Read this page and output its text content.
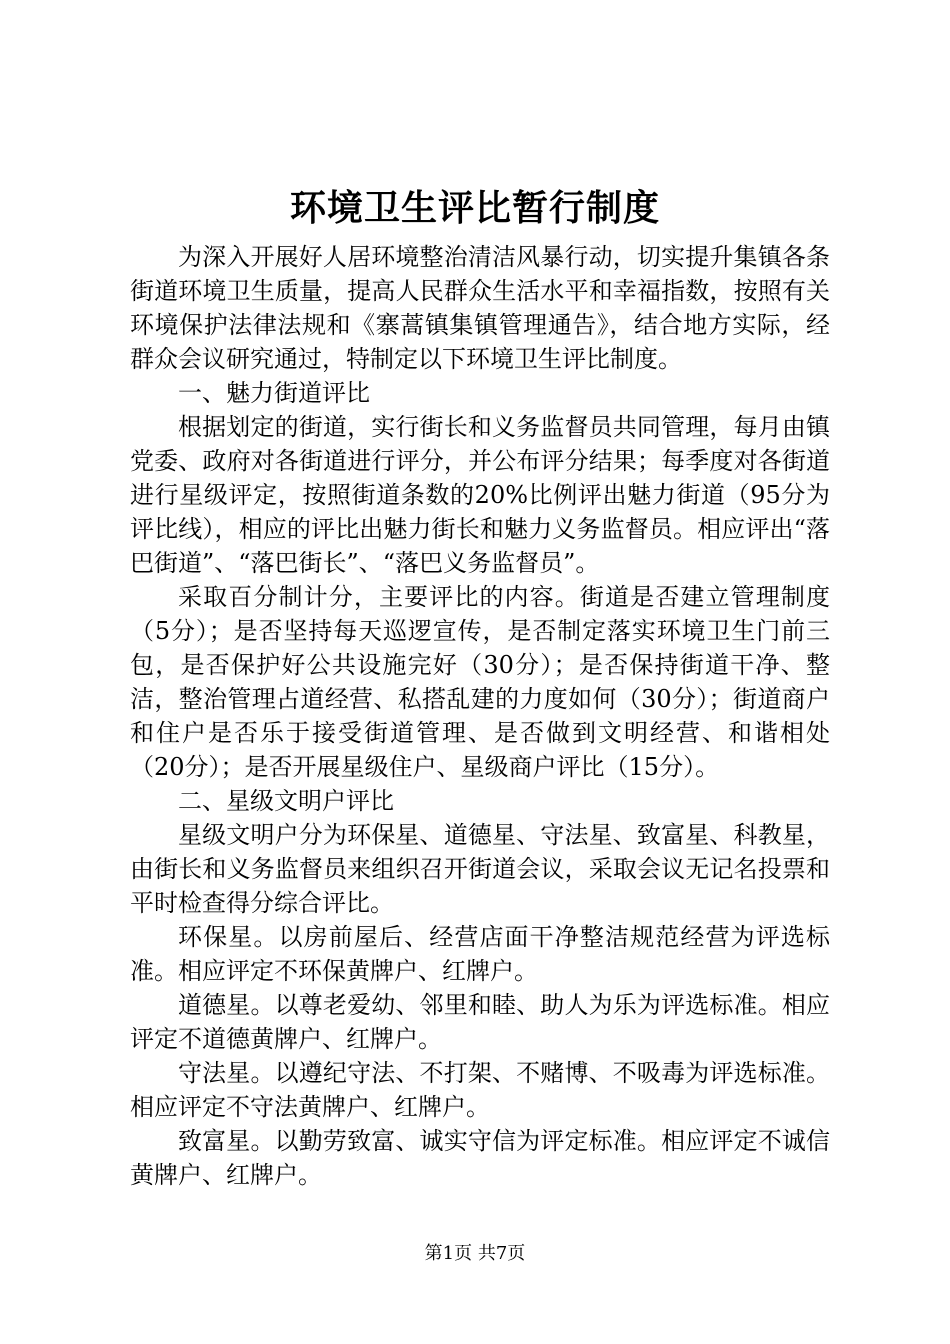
环境卫生评比暂行制度

为深入开展好人居环境整治清洁风暴行动，切实提升集镇各条街道环境卫生质量，提高人民群众生活水平和幸福指数，按照有关环境保护法律法规和《寨蒿镇集镇管理通告》，结合地方实际，经群众会议研究通过，特制定以下环境卫生评比制度。

一、魅力街道评比

根据划定的街道，实行街长和义务监督员共同管理，每月由镇党委、政府对各街道进行评分，并公布评分结果；每季度对各街道进行星级评定，按照街道条数的20%比例评出魅力街道（95分为评比线），相应的评比出魅力街长和魅力义务监督员。相应评出“落巴街道”、“落巴街长”、“落巴义务监督员”。

采取百分制计分，主要评比的内容。街道是否建立管理制度（5分）；是否坚持每天巡逻宣传，是否制定落实环境卫生门前三包，是否保护好公共设施完好（30分）；是否保持街道干净、整洁，整治管理占道经营、私搭乱建的力度如何（30分）；街道商户和住户是否乐于接受街道管理、是否做到文明经营、和谐相处（20分）；是否开展星级住户、星级商户评比（15分）。

二、星级文明户评比

星级文明户分为环保星、道德星、守法星、致富星、科教星，由街长和义务监督员来组织召开街道会议，采取会议无记名投票和平时检查得分综合评比。

环保星。以房前屋后、经营店面干净整洁规范经营为评选标准。相应评定不环保黄牌户、红牌户。

道德星。以尊老爱幼、邻里和睦、助人为乐为评选标准。相应评定不道德黄牌户、红牌户。

守法星。以遵纪守法、不打架、不赌博、不吸毒为评选标准。相应评定不守法黄牌户、红牌户。

致富星。以勤劳致富、诚实守信为评定标准。相应评定不诚信黄牌户、红牌户。

第1页 共7页
